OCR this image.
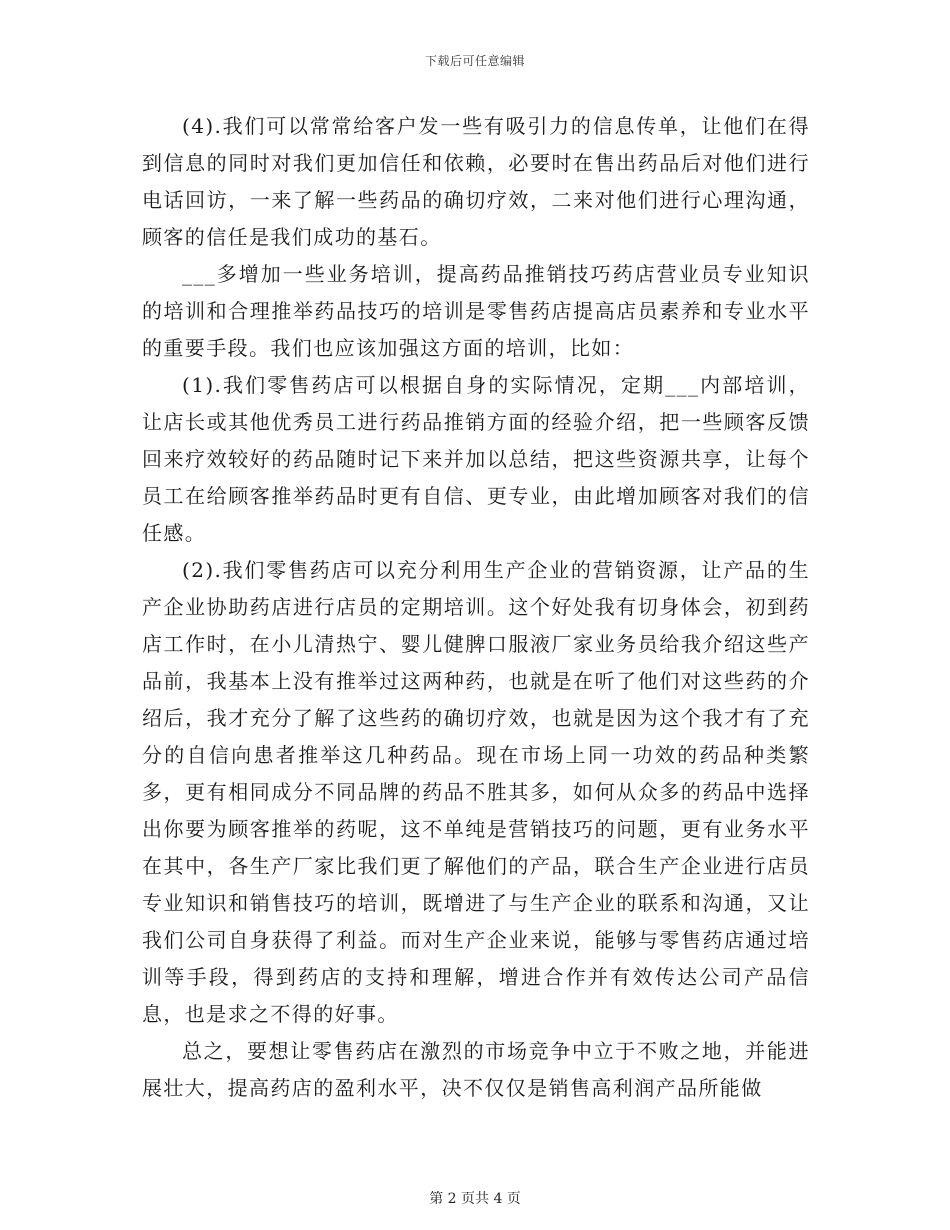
下载后可任意编辑

(4).我们可以常常给客户发一些有吸引力的信息传单，让他们在得到信息的同时对我们更加信任和依赖，必要时在售出药品后对他们进行电话回访，一来了解一些药品的确切疗效，二来对他们进行心理沟通，顾客的信任是我们成功的基石。

___多增加一些业务培训，提高药品推销技巧药店营业员专业知识的培训和合理推举药品技巧的培训是零售药店提高店员素养和专业水平的重要手段。我们也应该加强这方面的培训，比如：

(1).我们零售药店可以根据自身的实际情况，定期___内部培训，让店长或其他优秀员工进行药品推销方面的经验介绍，把一些顾客反馈回来疗效较好的药品随时记下来并加以总结，把这些资源共享，让每个员工在给顾客推举药品时更有自信、更专业，由此增加顾客对我们的信任感。

(2).我们零售药店可以充分利用生产企业的营销资源，让产品的生产企业协助药店进行店员的定期培训。这个好处我有切身体会，初到药店工作时，在小儿清热宁、婴儿健脾口服液厂家业务员给我介绍这些产品前，我基本上没有推举过这两种药，也就是在听了他们对这些药的介绍后，我才充分了解了这些药的确切疗效，也就是因为这个我才有了充分的自信向患者推举这几种药品。现在市场上同一功效的药品种类繁多，更有相同成分不同品牌的药品不胜其多，如何从众多的药品中选择出你要为顾客推举的药呢，这不单纯是营销技巧的问题，更有业务水平在其中，各生产厂家比我们更了解他们的产品，联合生产企业进行店员专业知识和销售技巧的培训，既增进了与生产企业的联系和沟通，又让我们公司自身获得了利益。而对生产企业来说，能够与零售药店通过培训等手段，得到药店的支持和理解，增进合作并有效传达公司产品信息，也是求之不得的好事。

总之，要想让零售药店在激烈的市场竞争中立于不败之地，并能进展壮大，提高药店的盈利水平，决不仅仅是销售高利润产品所能做

第 2 页共 4 页
